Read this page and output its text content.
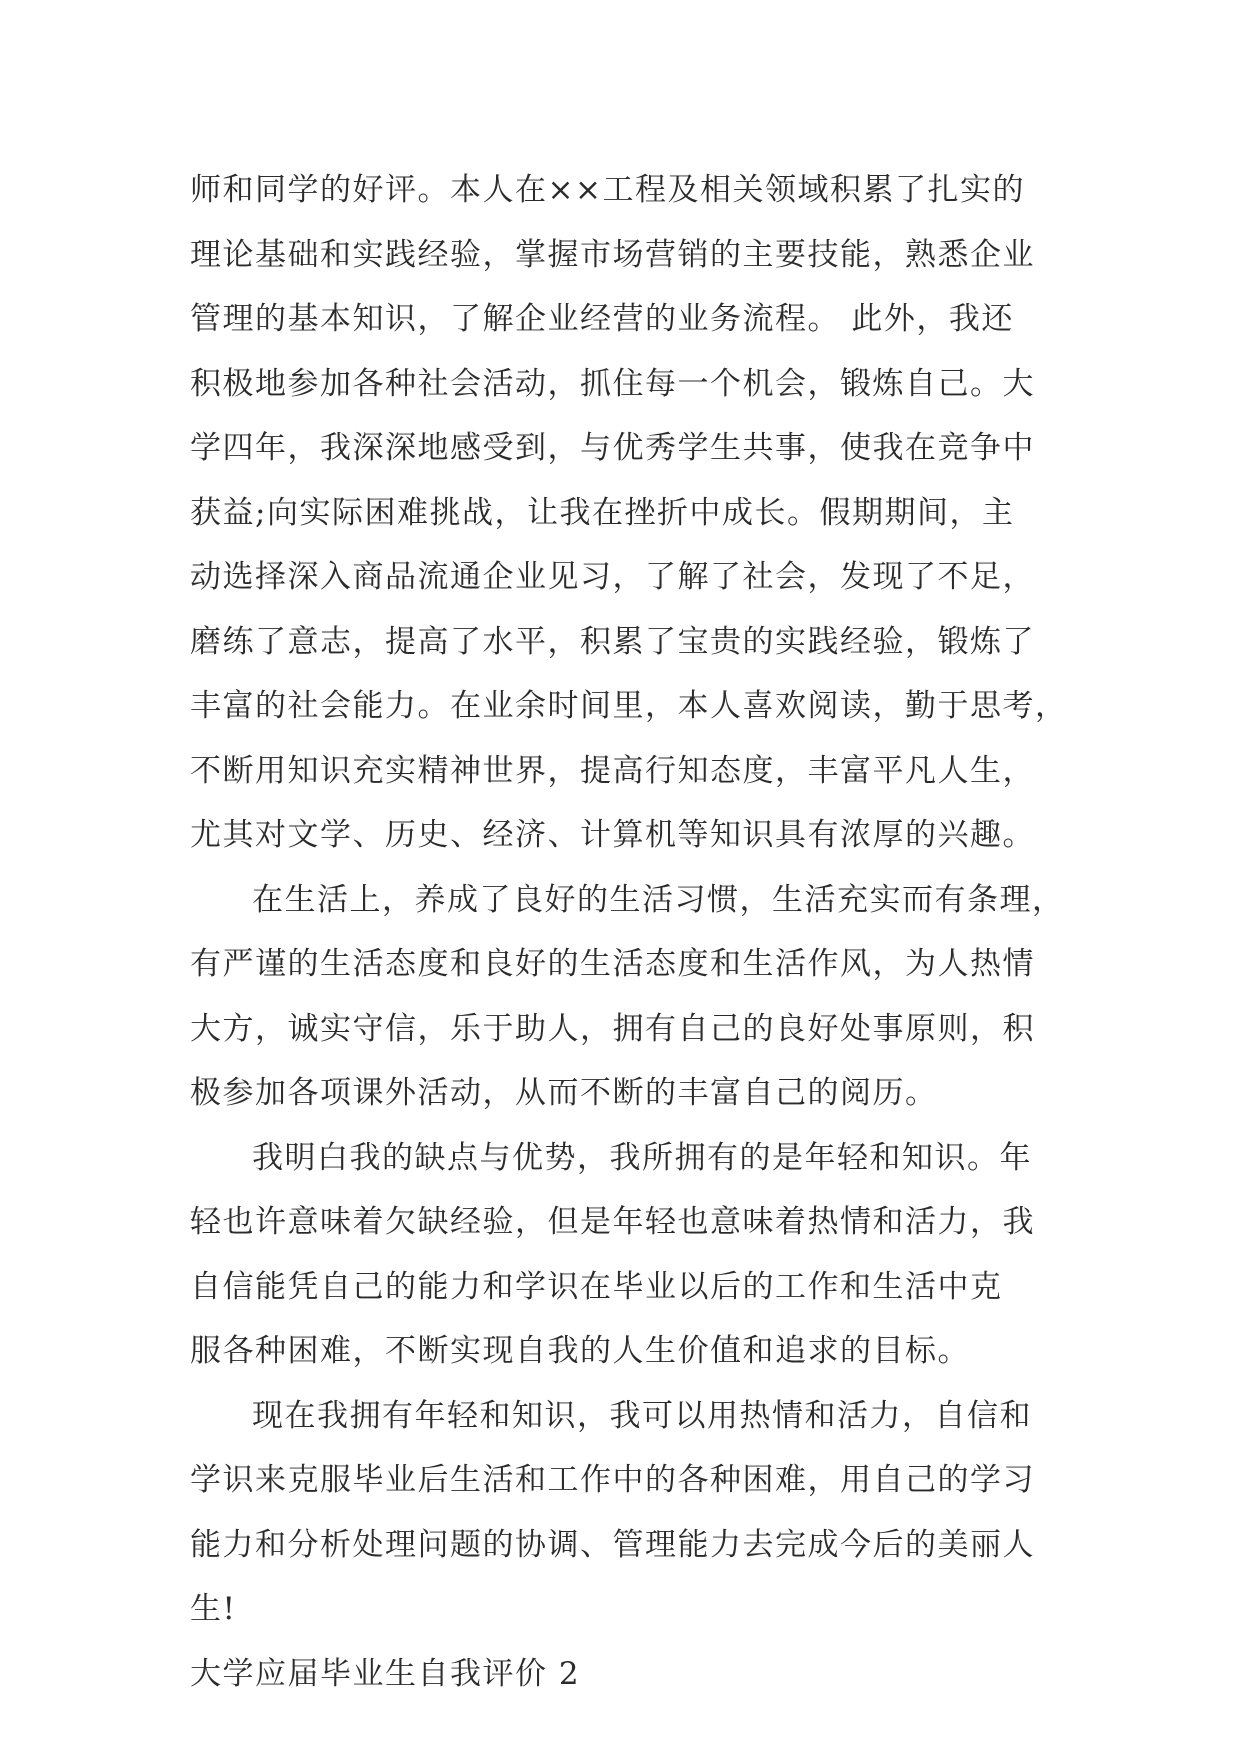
师和同学的好评。本人在××工程及相关领域积累了扎实的
理论基础和实践经验，掌握市场营销的主要技能，熟悉企业
管理的基本知识，了解企业经营的业务流程。 此外，我还
积极地参加各种社会活动，抓住每一个机会，锻炼自己。大
学四年，我深深地感受到，与优秀学生共事，使我在竞争中
获益;向实际困难挑战，让我在挫折中成长。假期期间，主
动选择深入商品流通企业见习，了解了社会，发现了不足，
磨练了意志，提高了水平，积累了宝贵的实践经验，锻炼了
丰富的社会能力。在业余时间里，本人喜欢阅读，勤于思考，
不断用知识充实精神世界，提高行知态度，丰富平凡人生，
尤其对文学、历史、经济、计算机等知识具有浓厚的兴趣。
在生活上，养成了良好的生活习惯，生活充实而有条理，
有严谨的生活态度和良好的生活态度和生活作风，为人热情
大方，诚实守信，乐于助人，拥有自己的良好处事原则，积
极参加各项课外活动，从而不断的丰富自己的阅历。
我明白我的缺点与优势，我所拥有的是年轻和知识。年
轻也许意味着欠缺经验，但是年轻也意味着热情和活力，我
自信能凭自己的能力和学识在毕业以后的工作和生活中克
服各种困难，不断实现自我的人生价值和追求的目标。
现在我拥有年轻和知识，我可以用热情和活力，自信和
学识来克服毕业后生活和工作中的各种困难，用自己的学习
能力和分析处理问题的协调、管理能力去完成今后的美丽人
生!
大学应届毕业生自我评价 2
